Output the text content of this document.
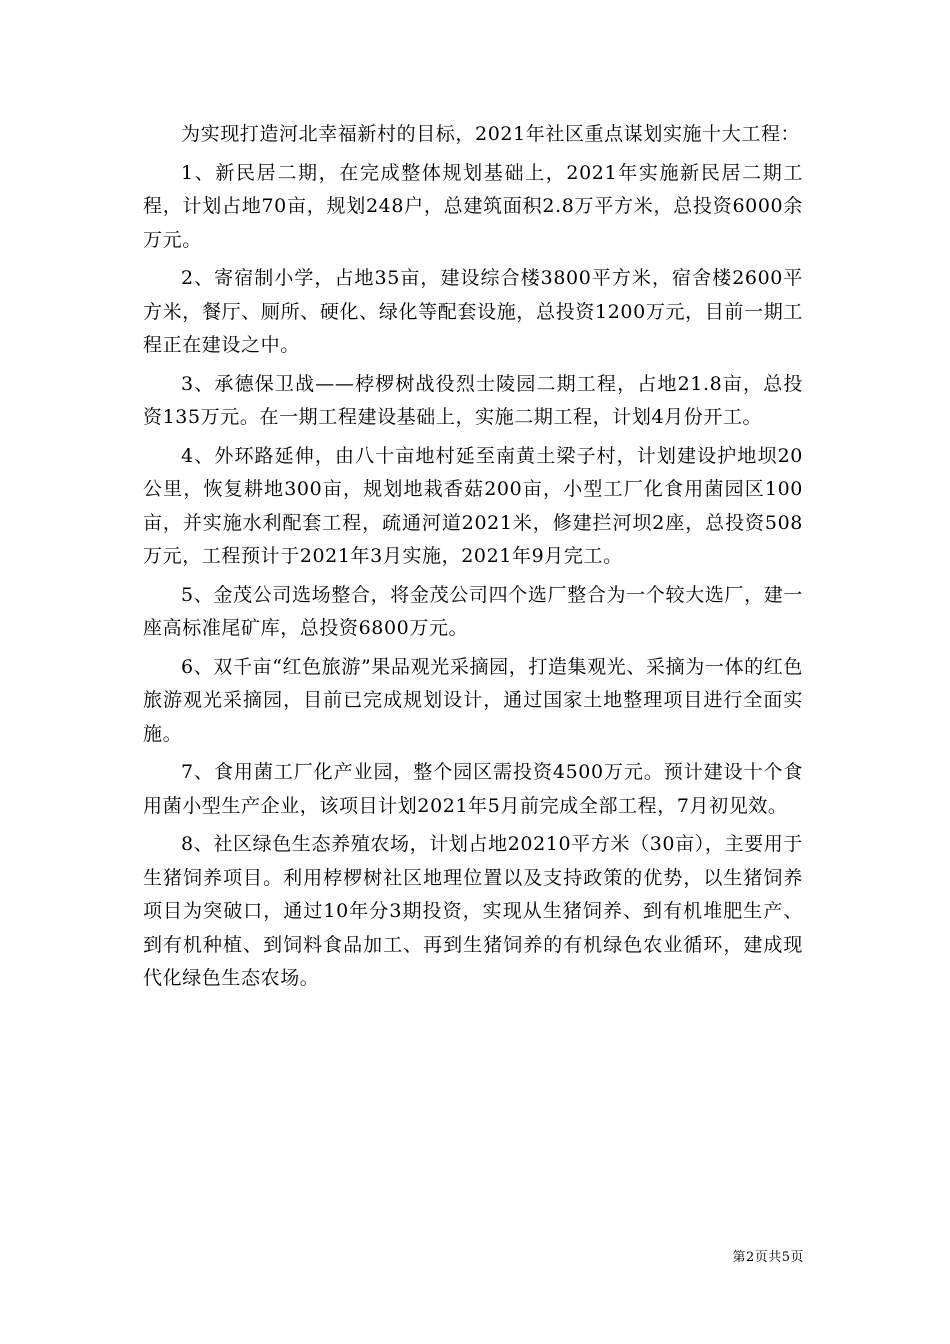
为实现打造河北幸福新村的目标，2021年社区重点谋划实施十大工程：

1、新民居二期，在完成整体规划基础上，2021年实施新民居二期工程，计划占地70亩，规划248户，总建筑面积2.8万平方米，总投资6000余万元。

2、寄宿制小学，占地35亩，建设综合楼3800平方米，宿舍楼2600平方米，餐厅、厕所、硬化、绿化等配套设施，总投资1200万元，目前一期工程正在建设之中。

3、承德保卫战——桲椤树战役烈士陵园二期工程，占地21.8亩，总投资135万元。在一期工程建设基础上，实施二期工程，计划4月份开工。

4、外环路延伸，由八十亩地村延至南黄土梁子村，计划建设护地坝20公里，恢复耕地300亩，规划地栽香菇200亩，小型工厂化食用菌园区100亩，并实施水利配套工程，疏通河道2021米，修建拦河坝2座，总投资508万元，工程预计于2021年3月实施，2021年9月完工。

5、金茂公司选场整合，将金茂公司四个选厂整合为一个较大选厂，建一座高标准尾矿库，总投资6800万元。

6、双千亩“红色旅游”果品观光采摘园，打造集观光、采摘为一体的红色旅游观光采摘园，目前已完成规划设计，通过国家土地整理项目进行全面实施。

7、食用菌工厂化产业园，整个园区需投资4500万元。预计建设十个食用菌小型生产企业，该项目计划2021年5月前完成全部工程，7月初见效。

8、社区绿色生态养殖农场，计划占地20210平方米（30亩），主要用于生猪饲养项目。利用桲椤树社区地理位置以及支持政策的优势，以生猪饲养项目为突破口，通过10年分3期投资，实现从生猪饲养、到有机堆肥生产、到有机种植、到饲料食品加工、再到生猪饲养的有机绿色农业循环，建成现代化绿色生态农场。

第2页共5页
